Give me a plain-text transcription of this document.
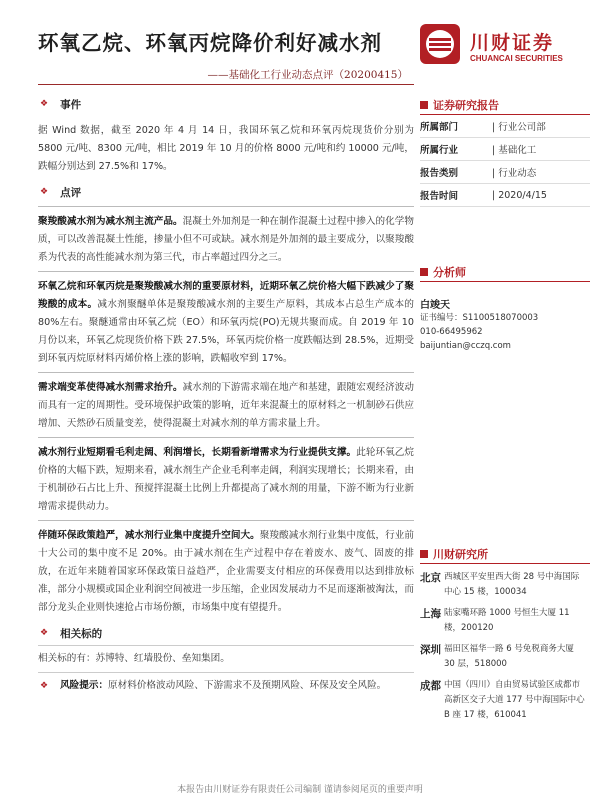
环氧乙烷、环氧丙烷降价利好减水剂
——基础化工行业动态点评（20200415）
川财证券
CHUANCAI SECURITIES
❖ 事件
据 Wind 数据，截至 2020 年 4 月 14 日，我国环氧乙烷和环氧丙烷现货价分别为 5800 元/吨、8300 元/吨，相比 2019 年 10 月的价格 8000 元/吨和约 10000 元/吨，跌幅分别达到 27.5%和 17%。
❖ 点评
聚羧酸减水剂为减水剂主流产品。混凝土外加剂是一种在制作混凝土过程中掺入的化学物质，可以改善混凝土性能，掺量小但不可或缺。减水剂是外加剂的最主要成分，以聚羧酸系为代表的高性能减水剂为第三代，市占率超过四分之三。
环氧乙烷和环氧丙烷是聚羧酸减水剂的重要原材料，近期环氧乙烷价格大幅下跌减少了聚羧酸的成本。减水剂聚醚单体是聚羧酸减水剂的主要生产原料，其成本占总生产成本的 80%左右。聚醚通常由环氧乙烷（EO）和环氧丙烷(PO)无规共聚而成。自 2019 年 10 月份以来，环氧乙烷现货价格下跌 27.5%，环氧丙烷价格一度跌幅达到 28.5%，近期受到环氧丙烷原材料丙烯价格上涨的影响，跌幅收窄到 17%。
需求端变革使得减水剂需求抬升。减水剂的下游需求端在地产和基建，跟随宏观经济波动而具有一定的周期性。受环境保护政策的影响，近年来混凝土的原材料之一机制砂石供应增加、天然砂石质量变差，使得混凝土对减水剂的单方需求量上升。
减水剂行业短期看毛利走阔、利润增长，长期看新增需求为行业提供支撑。此轮环氧乙烷价格的大幅下跌，短期来看，减水剂生产企业毛利率走阔，利润实现增长；长期来看，由于机制砂石占比上升、预搅拌混凝土比例上升都提高了减水剂的用量，下游不断为行业新增需求提供动力。
伴随环保政策趋严，减水剂行业集中度提升空间大。聚羧酸减水剂行业集中度低，行业前十大公司的集中度不足 20%。由于减水剂在生产过程中存在着废水、废气、固废的排放，在近年来随着国家环保政策日益趋严，企业需要支付相应的环保费用以达到排放标准，部分小规模或国企业利润空间被进一步压缩，企业因发展动力不足而逐渐被淘汰，而部分龙头企业则快速抢占市场份额，市场集中度有望提升。
❖ 相关标的
相关标的有：苏博特、红墙股份、垒知集团。
❖ 风险提示：原材料价格波动风险、下游需求不及预期风险、环保及安全风险。
证券研究报告
所属部门	| 行业公司部
所属行业	| 基础化工
报告类别	| 行业动态
报告时间	| 2020/4/15
分析师
白竣天
证书编号：S1100518070003
010-66495962
baijuntian@cczq.com
川财研究所
北京 西城区平安里西大街 28 号中海国际中心 15 楼，100034
上海 陆家嘴环路 1000 号恒生大厦 11 楼，200120
深圳 福田区福华一路 6 号免税商务大厦 30 层，518000
成都 中国（四川）自由贸易试验区成都市高新区交子大道 177 号中海国际中心 B 座 17 楼，610041
本报告由川财证券有限责任公司编制 谨请参阅尾页的重要声明
